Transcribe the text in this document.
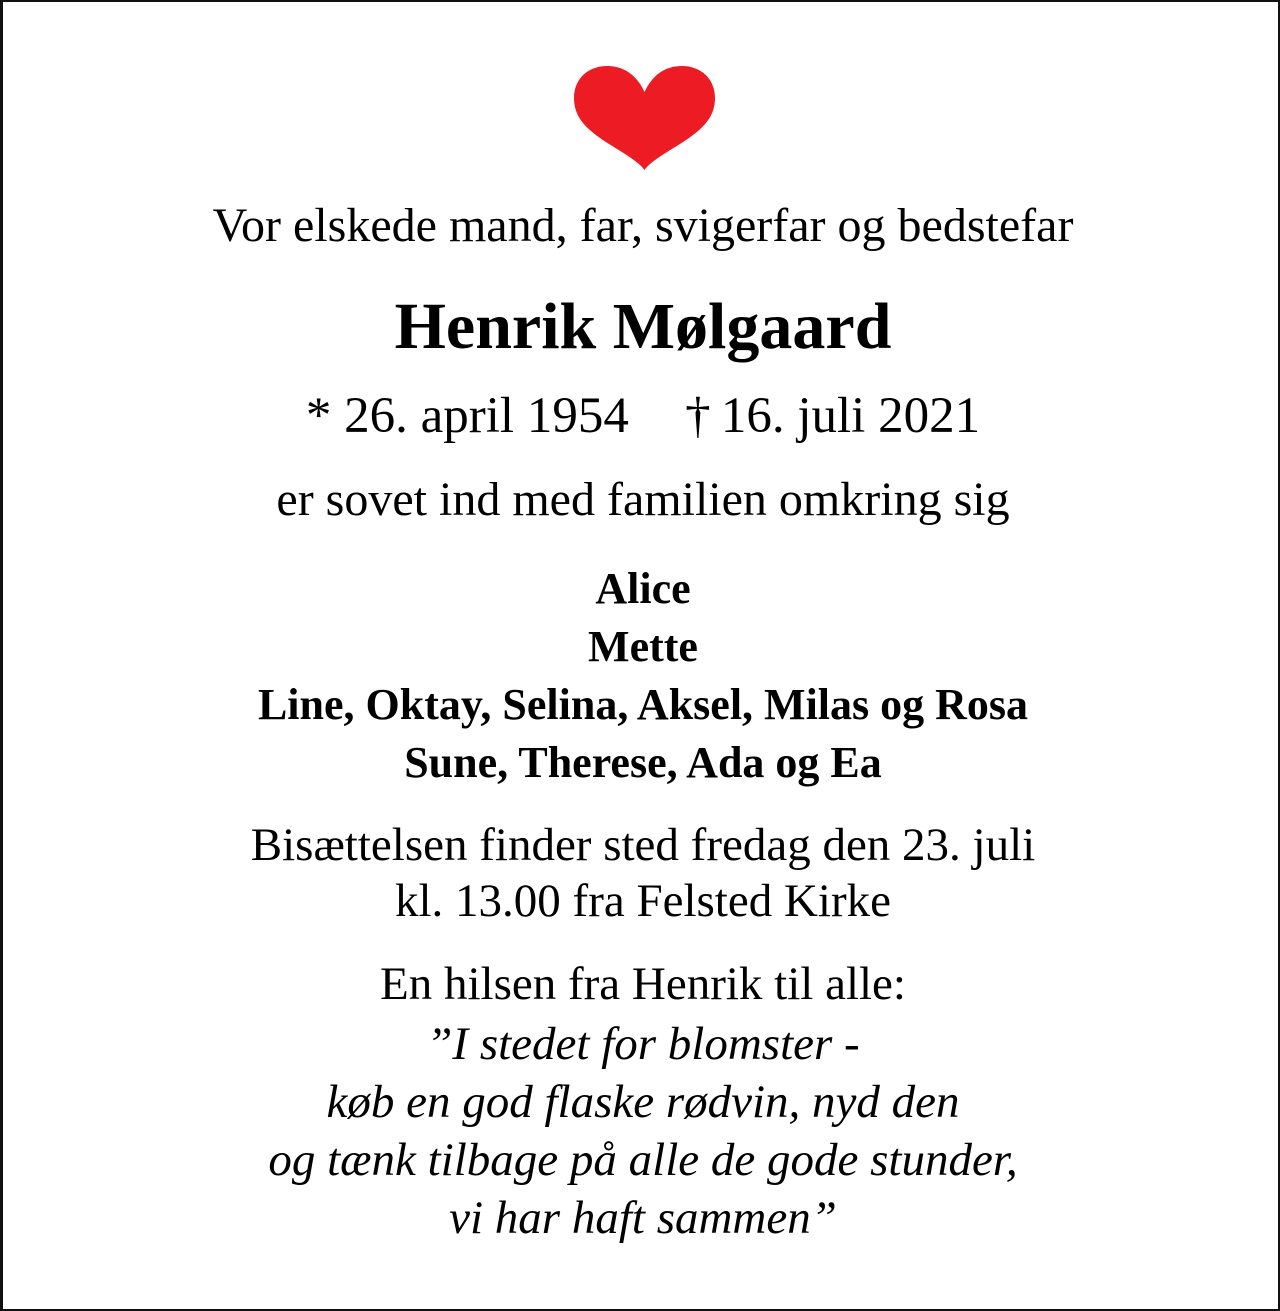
Vor elskede mand, far, svigerfar og bedstefar
Henrik Mølgaard
* 26. april 1954 † 16. juli 2021
er sovet ind med familien omkring sig
Alice
Mette
Line, Oktay, Selina, Aksel, Milas og Rosa
Sune, Therese, Ada og Ea
Bisættelsen finder sted fredag den 23. juli
kl. 13.00 fra Felsted Kirke
En hilsen fra Henrik til alle:
”I stedet for blomster -
køb en god flaske rødvin, nyd den
og tænk tilbage på alle de gode stunder,
vi har haft sammen”
